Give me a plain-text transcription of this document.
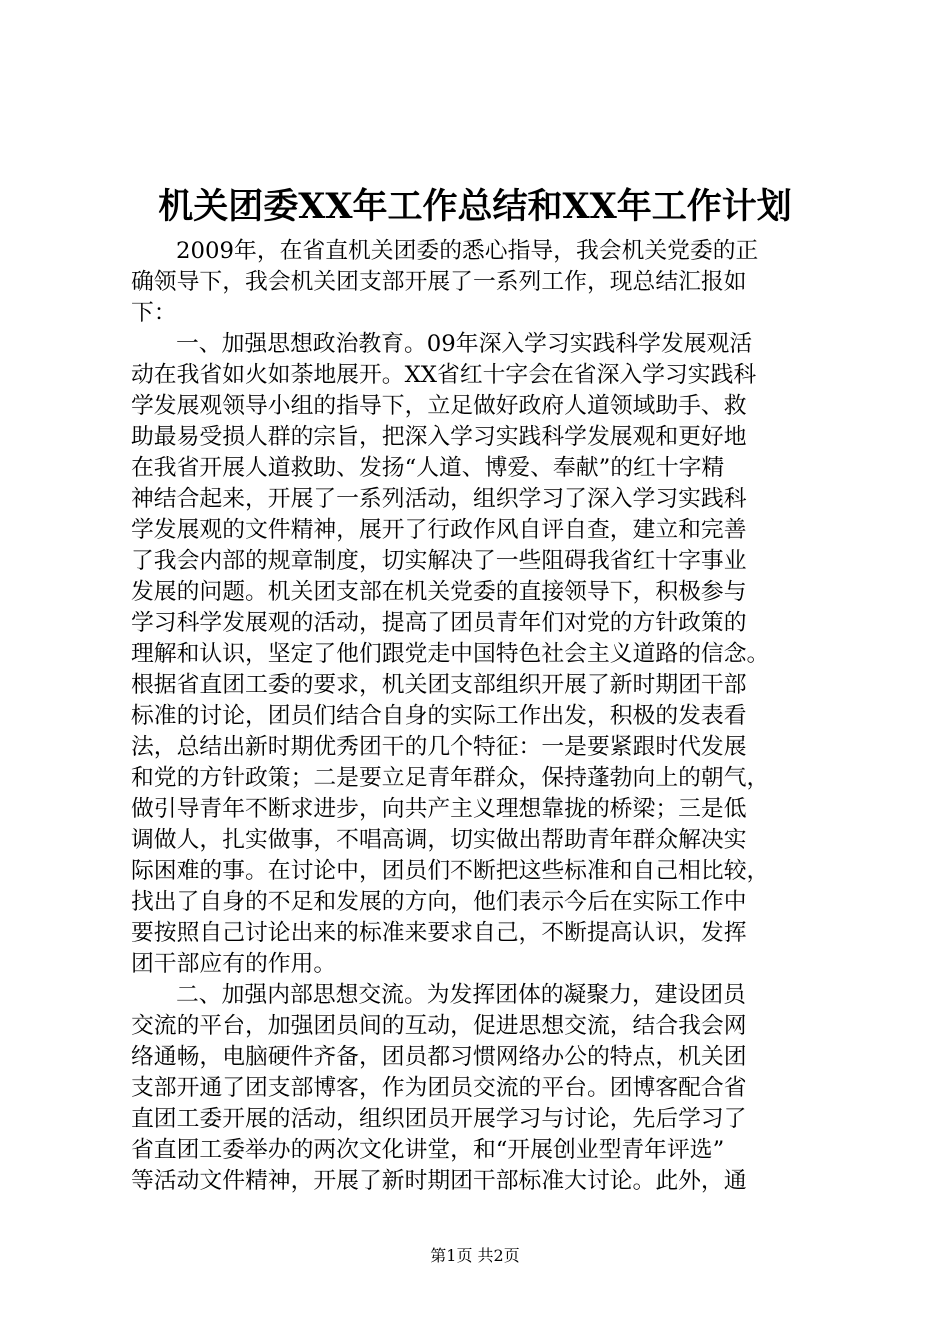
机关团委XX年工作总结和XX年工作计划
2009年，在省直机关团委的悉心指导，我会机关党委的正
确领导下，我会机关团支部开展了一系列工作，现总结汇报如
下：
一、加强思想政治教育。09年深入学习实践科学发展观活
动在我省如火如荼地展开。XX省红十字会在省深入学习实践科
学发展观领导小组的指导下，立足做好政府人道领域助手、救
助最易受损人群的宗旨，把深入学习实践科学发展观和更好地
在我省开展人道救助、发扬“人道、博爱、奉献”的红十字精
神结合起来，开展了一系列活动，组织学习了深入学习实践科
学发展观的文件精神，展开了行政作风自评自查，建立和完善
了我会内部的规章制度，切实解决了一些阻碍我省红十字事业
发展的问题。机关团支部在机关党委的直接领导下，积极参与
学习科学发展观的活动，提高了团员青年们对党的方针政策的
理解和认识，坚定了他们跟党走中国特色社会主义道路的信念。
根据省直团工委的要求，机关团支部组织开展了新时期团干部
标准的讨论，团员们结合自身的实际工作出发，积极的发表看
法，总结出新时期优秀团干的几个特征：一是要紧跟时代发展
和党的方针政策；二是要立足青年群众，保持蓬勃向上的朝气，
做引导青年不断求进步，向共产主义理想靠拢的桥梁；三是低
调做人，扎实做事，不唱高调，切实做出帮助青年群众解决实
际困难的事。在讨论中，团员们不断把这些标准和自己相比较，
找出了自身的不足和发展的方向，他们表示今后在实际工作中
要按照自己讨论出来的标准来要求自己，不断提高认识，发挥
团干部应有的作用。
二、加强内部思想交流。为发挥团体的凝聚力，建设团员
交流的平台，加强团员间的互动，促进思想交流，结合我会网
络通畅，电脑硬件齐备，团员都习惯网络办公的特点，机关团
支部开通了团支部博客，作为团员交流的平台。团博客配合省
直团工委开展的活动，组织团员开展学习与讨论，先后学习了
省直团工委举办的两次文化讲堂，和“开展创业型青年评选”
等活动文件精神，开展了新时期团干部标准大讨论。此外，通
第1页 共2页
